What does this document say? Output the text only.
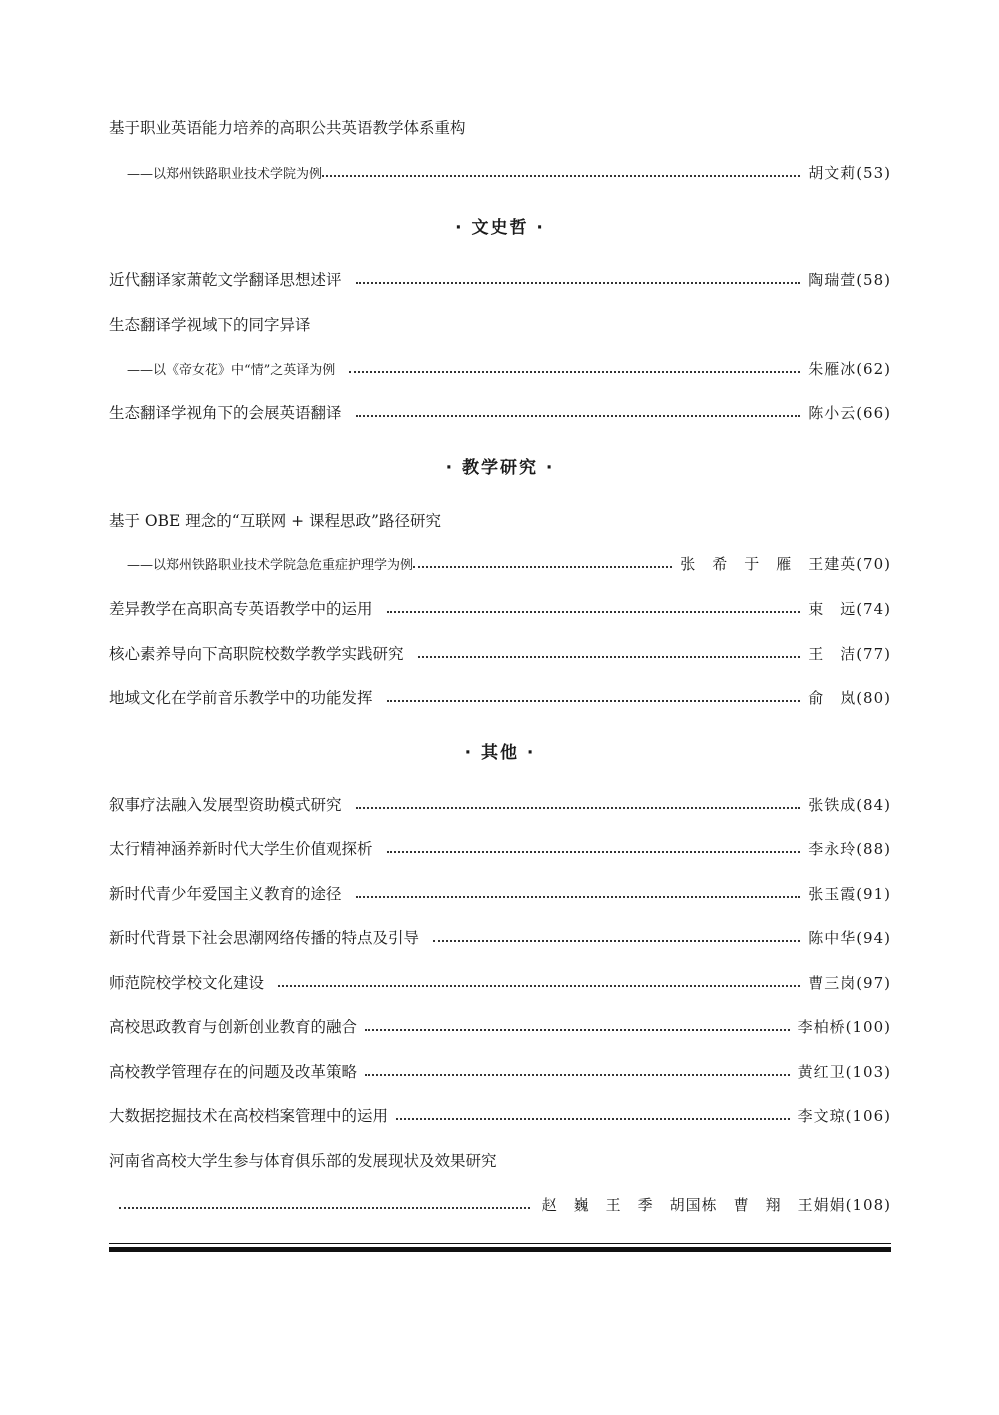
基于职业英语能力培养的高职公共英语教学体系重构
——以郑州铁路职业技术学院为例	胡文莉(53)
· 文史哲 ·
近代翻译家萧乾文学翻译思想述评	陶瑞萱(58)
生态翻译学视域下的同字异译
——以《帝女花》中“情”之英译为例	朱雁冰(62)
生态翻译学视角下的会展英语翻译	陈小云(66)
· 教学研究 ·
基于 OBE 理念的“互联网 + 课程思政”路径研究
——以郑州铁路职业技术学院急危重症护理学为例	张　希　于　雁　王建英(70)
差异教学在高职高专英语教学中的运用	束　远(74)
核心素养导向下高职院校数学教学实践研究	王　洁(77)
地域文化在学前音乐教学中的功能发挥	俞　岚(80)
· 其他 ·
叙事疗法融入发展型资助模式研究	张铁成(84)
太行精神涵养新时代大学生价值观探析	李永玲(88)
新时代青少年爱国主义教育的途径	张玉霞(91)
新时代背景下社会思潮网络传播的特点及引导	陈中华(94)
师范院校学校文化建设	曹三岗(97)
高校思政教育与创新创业教育的融合	李柏桥(100)
高校教学管理存在的问题及改革策略	黄红卫(103)
大数据挖掘技术在高校档案管理中的运用	李文琼(106)
河南省高校大学生参与体育俱乐部的发展现状及效果研究
赵　巍　王　季　胡国栋　曹　翔　王娟娟(108)
